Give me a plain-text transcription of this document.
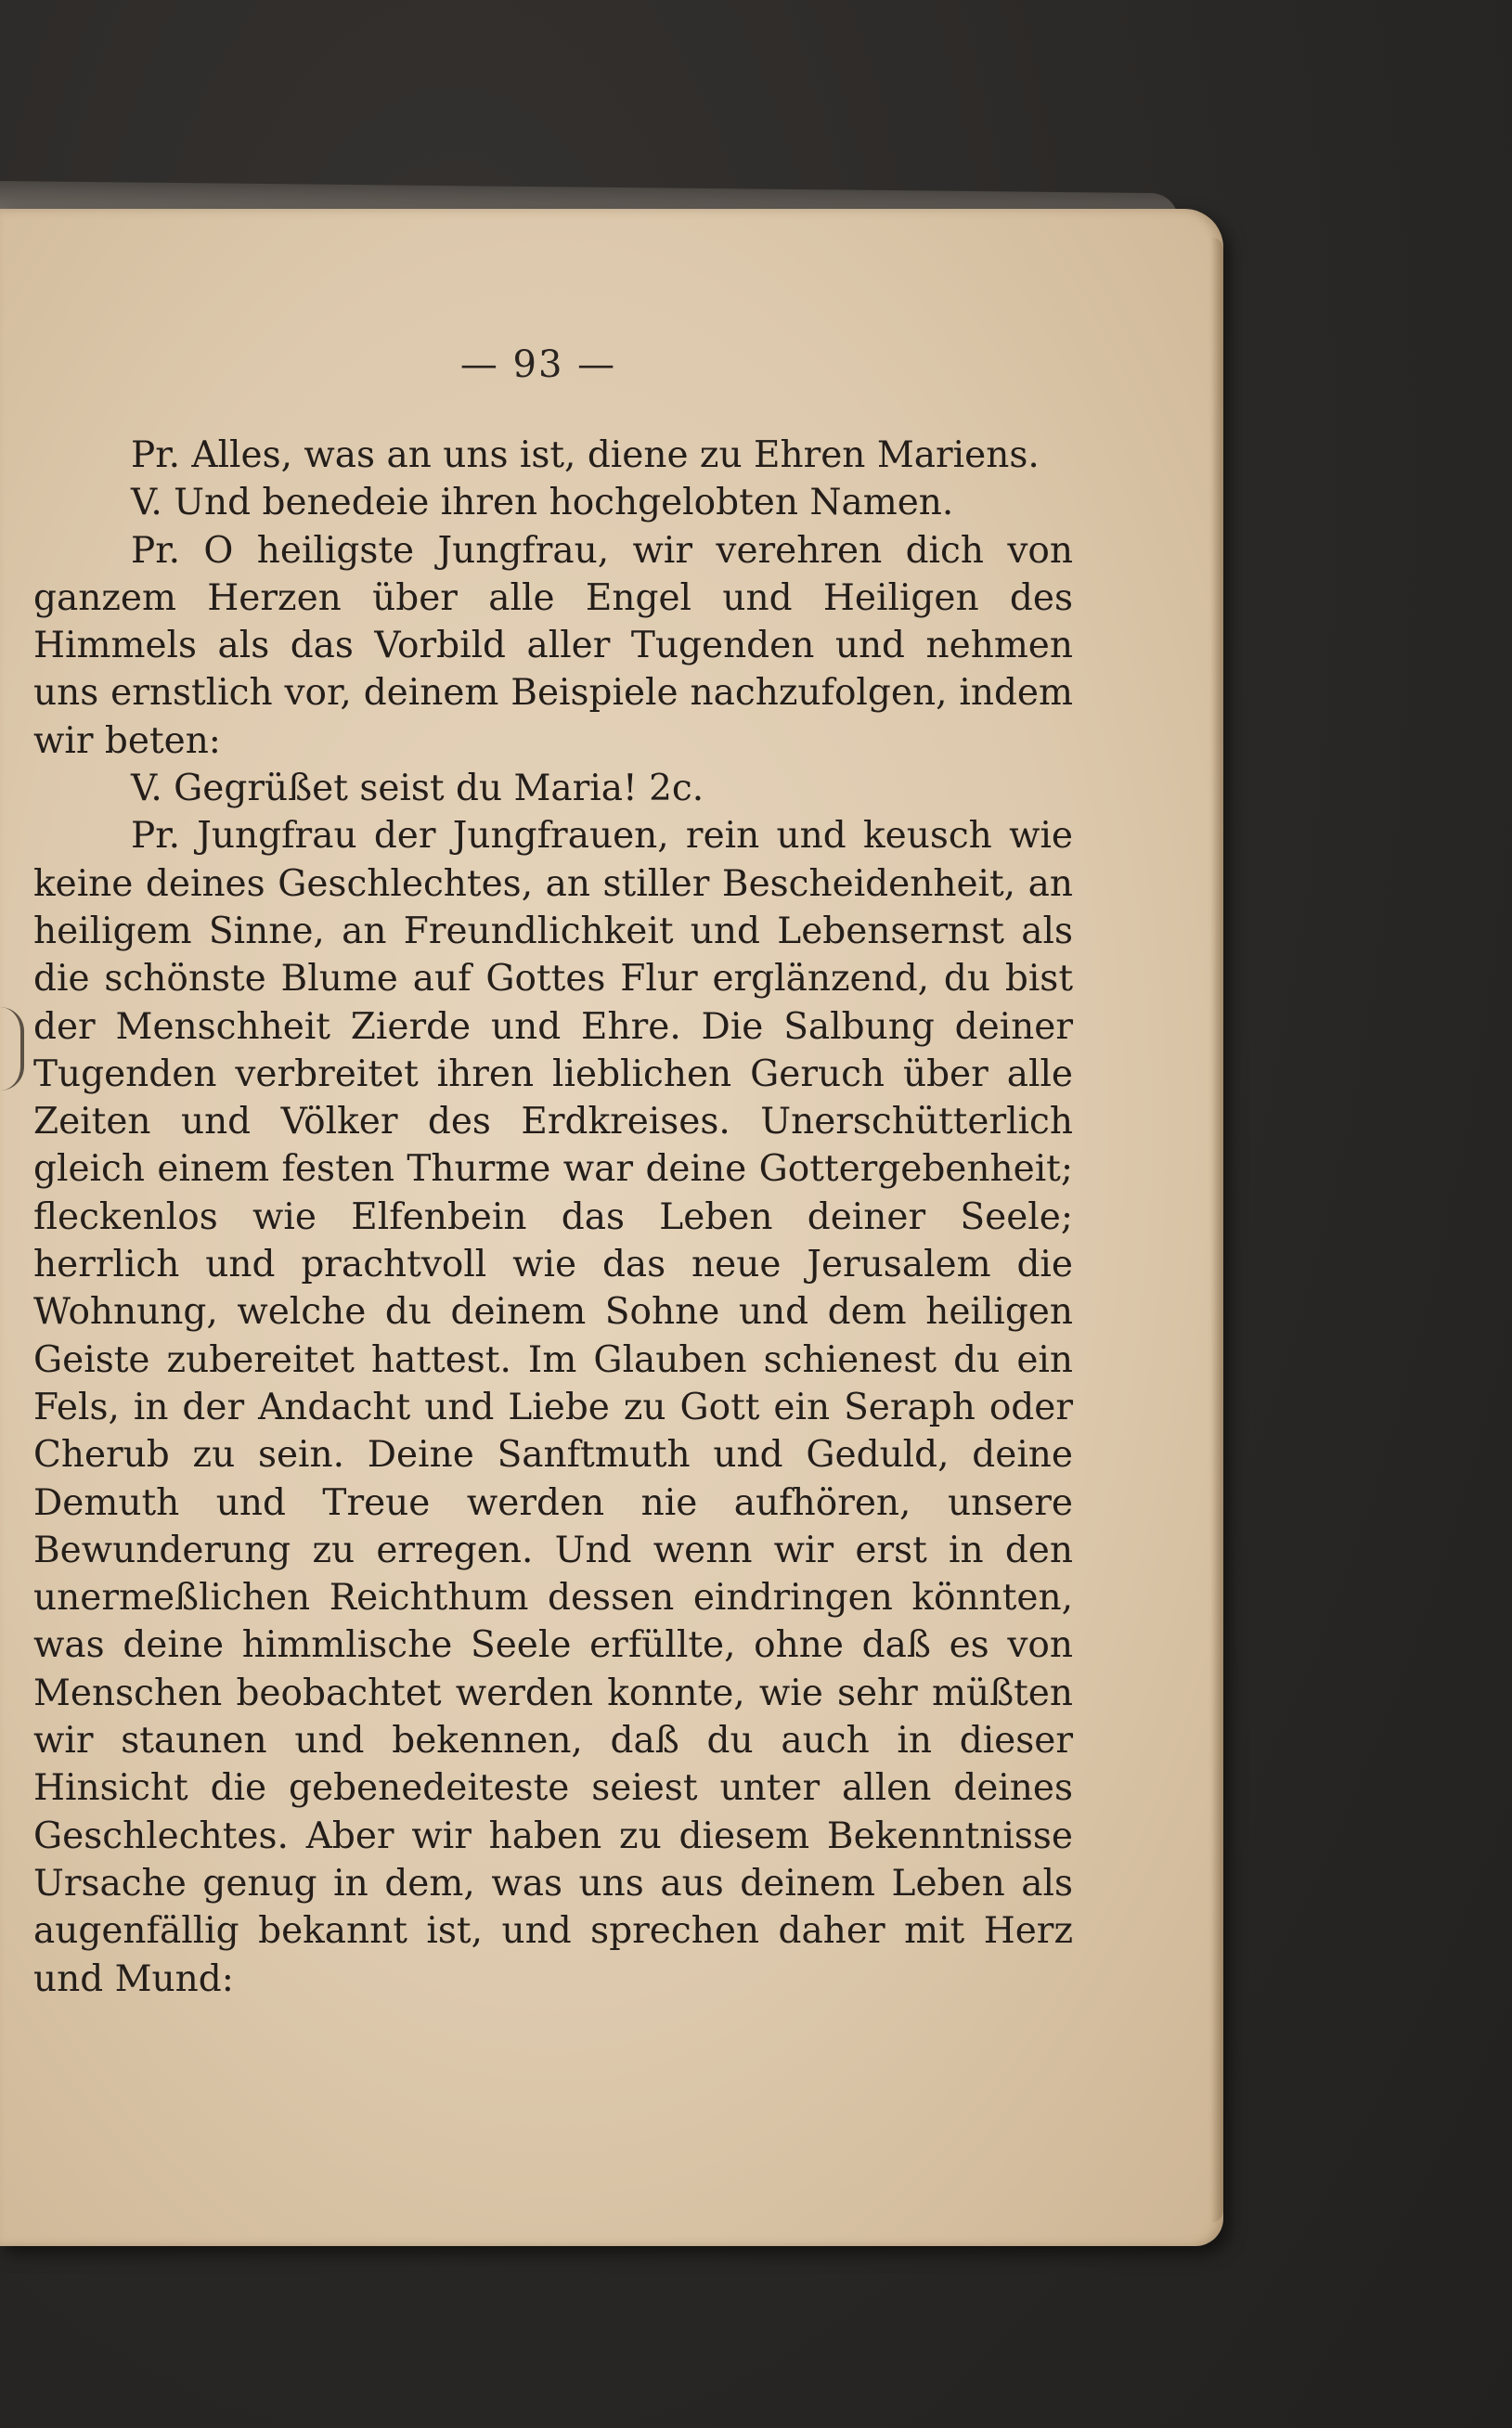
— 93 —

Pr. Alles, was an uns ist, diene zu Ehren Mariens.

V. Und benedeie ihren hochgelobten Namen.

Pr. O heiligste Jungfrau, wir verehren dich von ganzem Herzen über alle Engel und Heiligen des Himmels als das Vorbild aller Tugenden und nehmen uns ernstlich vor, deinem Beispiele nachzufolgen, indem wir beten:

V. Gegrüßet seist du Maria! 2c.

Pr. Jungfrau der Jungfrauen, rein und keusch wie keine deines Geschlechtes, an stiller Bescheidenheit, an heiligem Sinne, an Freundlichkeit und Lebensernst als die schönste Blume auf Gottes Flur erglänzend, du bist der Menschheit Zierde und Ehre. Die Salbung deiner Tugenden verbreitet ihren lieblichen Geruch über alle Zeiten und Völker des Erdkreises. Unerschütterlich gleich einem festen Thurme war deine Gottergebenheit; fleckenlos wie Elfenbein das Leben deiner Seele; herrlich und prachtvoll wie das neue Jerusalem die Wohnung, welche du deinem Sohne und dem heiligen Geiste zubereitet hattest. Im Glauben schienest du ein Fels, in der Andacht und Liebe zu Gott ein Seraph oder Cherub zu sein. Deine Sanftmuth und Geduld, deine Demuth und Treue werden nie aufhören, unsere Bewunderung zu erregen. Und wenn wir erst in den unermeßlichen Reichthum dessen eindringen könnten, was deine himmlische Seele erfüllte, ohne daß es von Menschen beobachtet werden konnte, wie sehr müßten wir staunen und bekennen, daß du auch in dieser Hinsicht die gebenedeiteste seiest unter allen deines Geschlechtes. Aber wir haben zu diesem Bekenntnisse Ursache genug in dem, was uns aus deinem Leben als augenfällig bekannt ist, und sprechen daher mit Herz und Mund:
